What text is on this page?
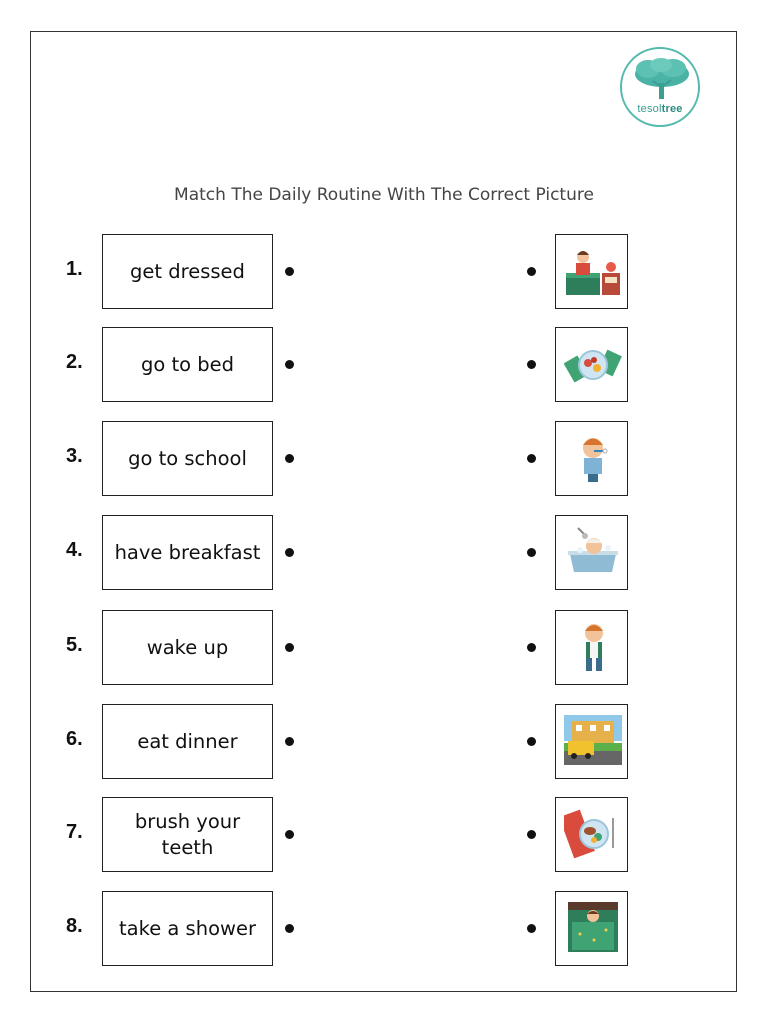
tesoltree
Match The Daily Routine With The Correct Picture
1.	get dressed
2.	go to bed
3.	go to school
4.	have breakfast
5.	wake up
6.	eat dinner
7.	brush your teeth
8.	take a shower
